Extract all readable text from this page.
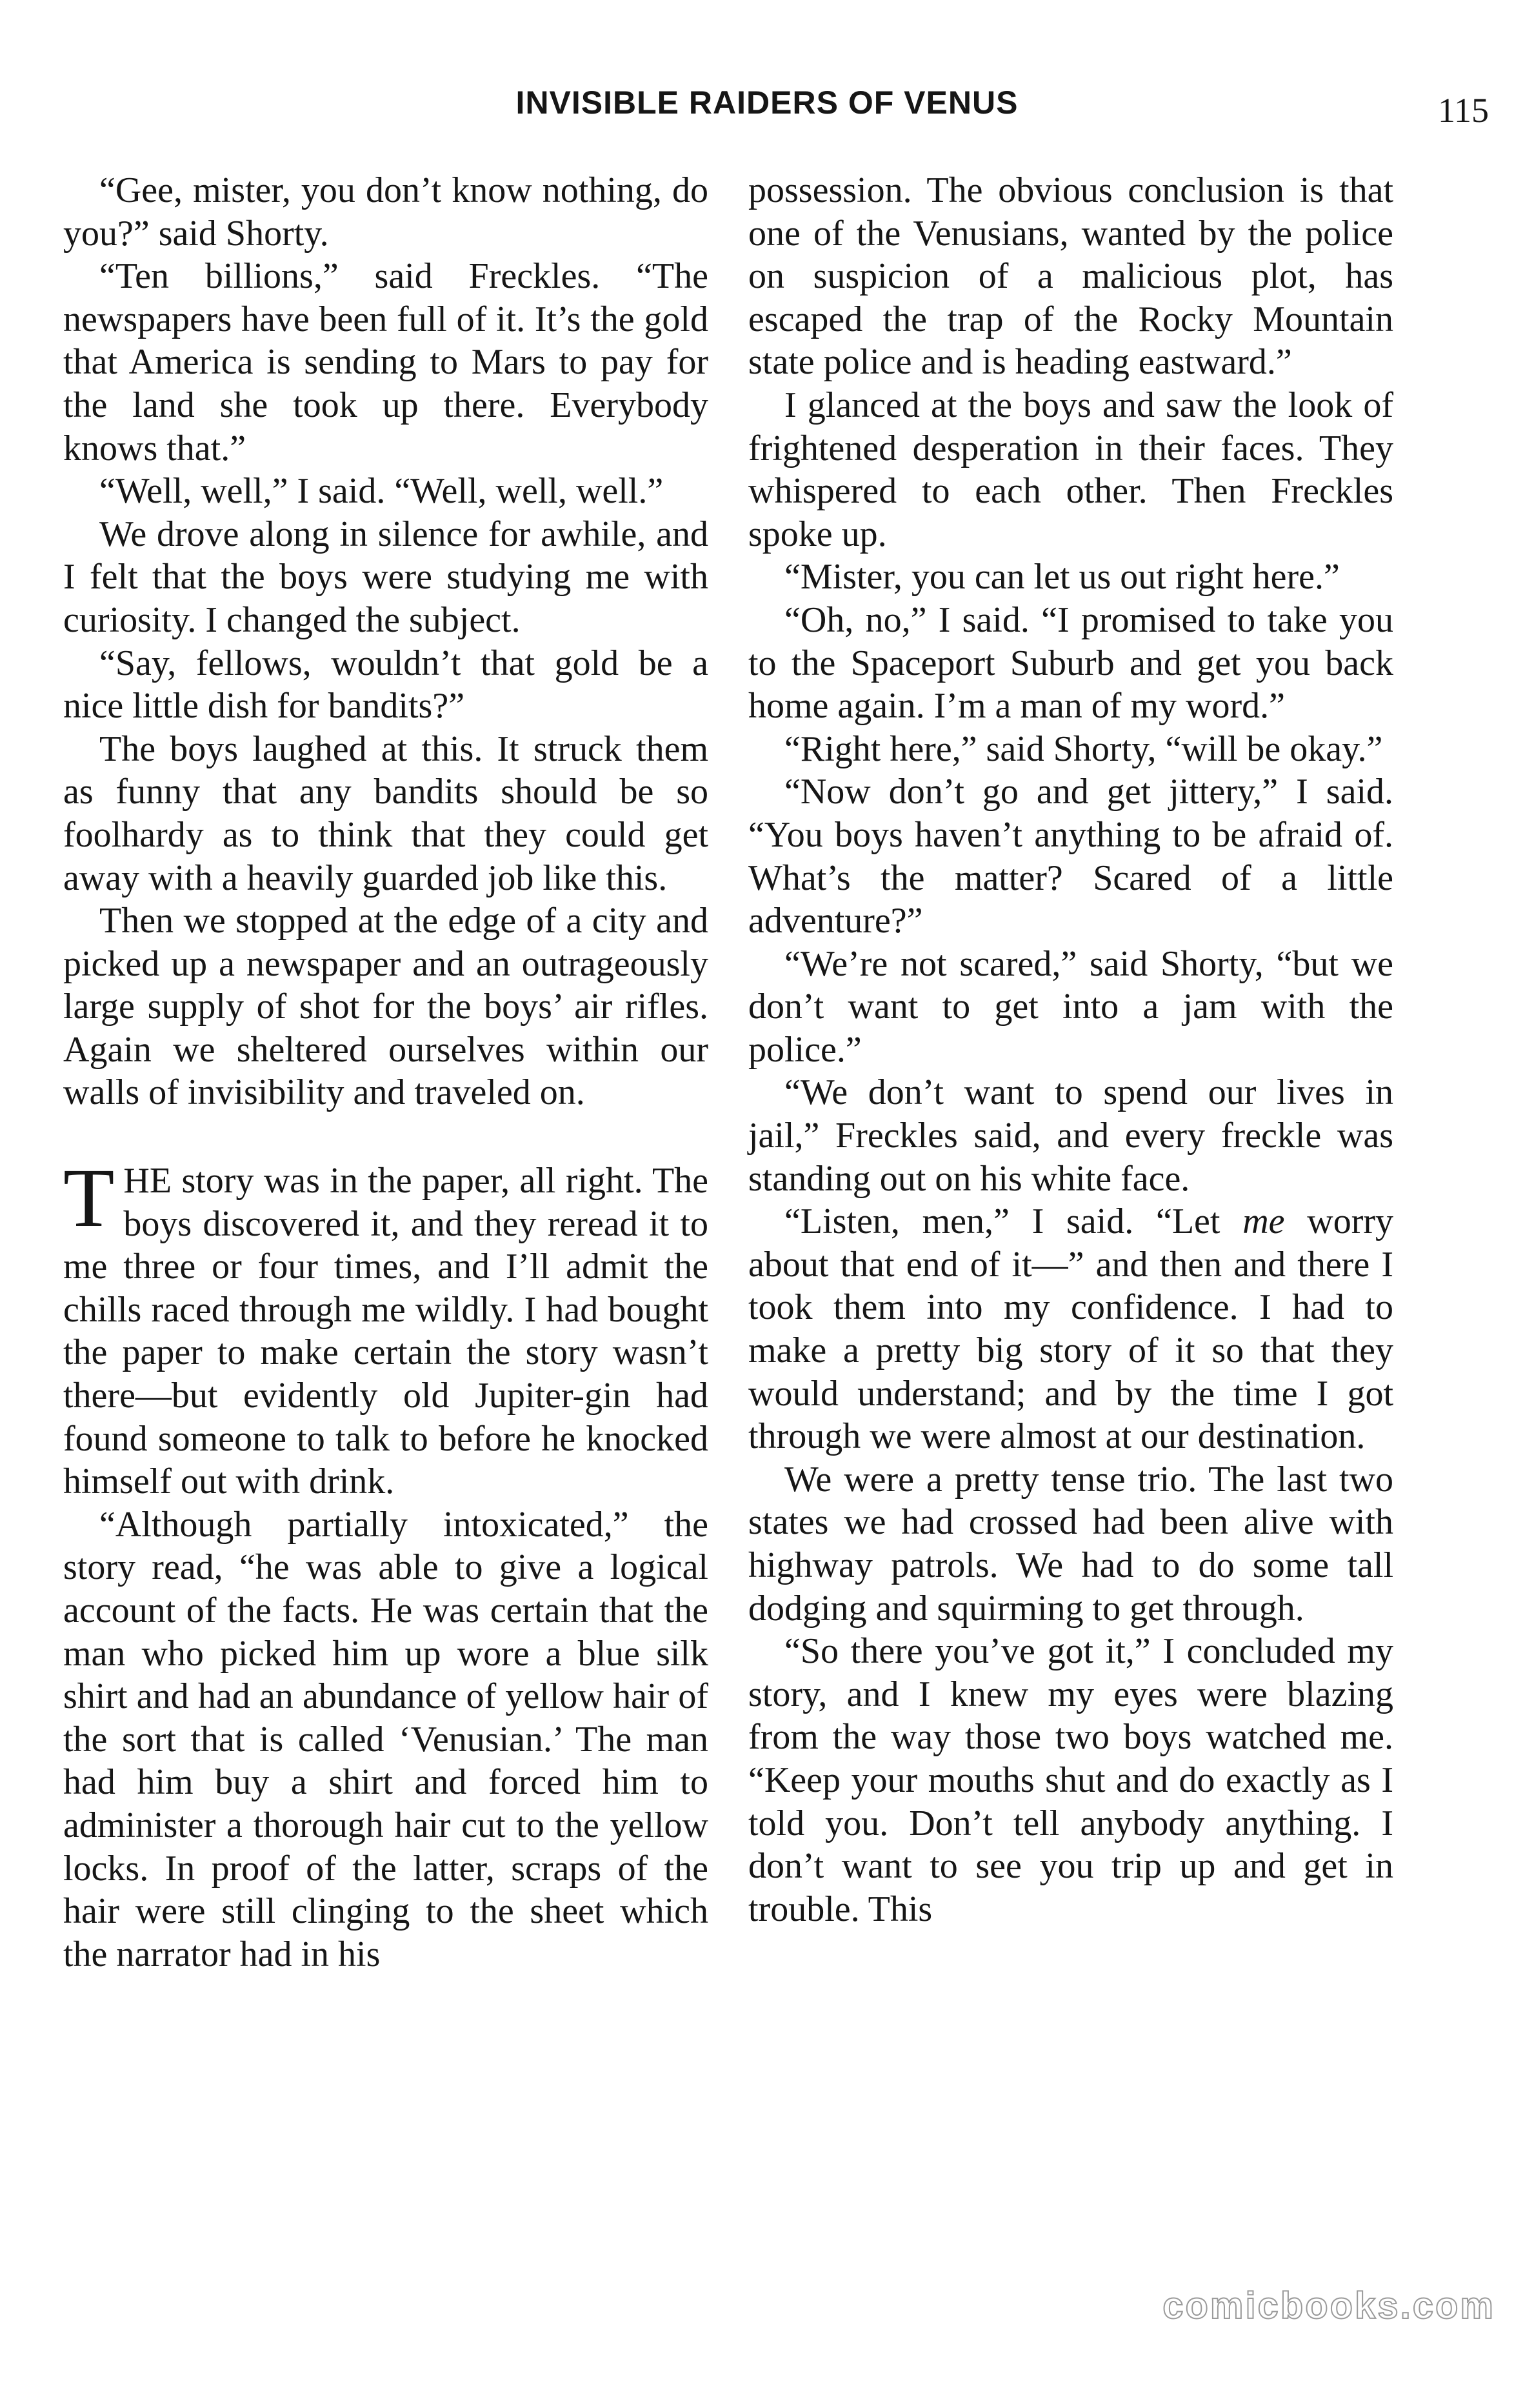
INVISIBLE RAIDERS OF VENUS	115

“Gee, mister, you don’t know nothing, do you?” said Shorty.

“Ten billions,” said Freckles. “The newspapers have been full of it. It’s the gold that America is sending to Mars to pay for the land she took up there. Everybody knows that.”

“Well, well,” I said. “Well, well, well.”

We drove along in silence for awhile, and I felt that the boys were studying me with curiosity. I changed the subject.

“Say, fellows, wouldn’t that gold be a nice little dish for bandits?”

The boys laughed at this. It struck them as funny that any bandits should be so foolhardy as to think that they could get away with a heavily guarded job like this.

Then we stopped at the edge of a city and picked up a newspaper and an outrageously large supply of shot for the boys’ air rifles. Again we sheltered ourselves within our walls of invisibility and traveled on.

THE story was in the paper, all right. The boys discovered it, and they reread it to me three or four times, and I’ll admit the chills raced through me wildly. I had bought the paper to make certain the story wasn’t there—but evidently old Jupiter-gin had found someone to talk to before he knocked himself out with drink.

“Although partially intoxicated,” the story read, “he was able to give a logical account of the facts. He was certain that the man who picked him up wore a blue silk shirt and had an abundance of yellow hair of the sort that is called ‘Venusian.’ The man had him buy a shirt and forced him to administer a thorough hair cut to the yellow locks. In proof of the latter, scraps of the hair were still clinging to the sheet which the narrator had in his

possession. The obvious conclusion is that one of the Venusians, wanted by the police on suspicion of a malicious plot, has escaped the trap of the Rocky Mountain state police and is heading eastward.”

I glanced at the boys and saw the look of frightened desperation in their faces. They whispered to each other. Then Freckles spoke up.

“Mister, you can let us out right here.”

“Oh, no,” I said. “I promised to take you to the Spaceport Suburb and get you back home again. I’m a man of my word.”

“Right here,” said Shorty, “will be okay.”

“Now don’t go and get jittery,” I said. “You boys haven’t anything to be afraid of. What’s the matter? Scared of a little adventure?”

“We’re not scared,” said Shorty, “but we don’t want to get into a jam with the police.”

“We don’t want to spend our lives in jail,” Freckles said, and every freckle was standing out on his white face.

“Listen, men,” I said. “Let me worry about that end of it—” and then and there I took them into my confidence. I had to make a pretty big story of it so that they would understand; and by the time I got through we were almost at our destination.

We were a pretty tense trio. The last two states we had crossed had been alive with highway patrols. We had to do some tall dodging and squirming to get through.

“So there you’ve got it,” I concluded my story, and I knew my eyes were blazing from the way those two boys watched me. “Keep your mouths shut and do exactly as I told you. Don’t tell anybody anything. I don’t want to see you trip up and get in trouble. This

comicbooks.com
